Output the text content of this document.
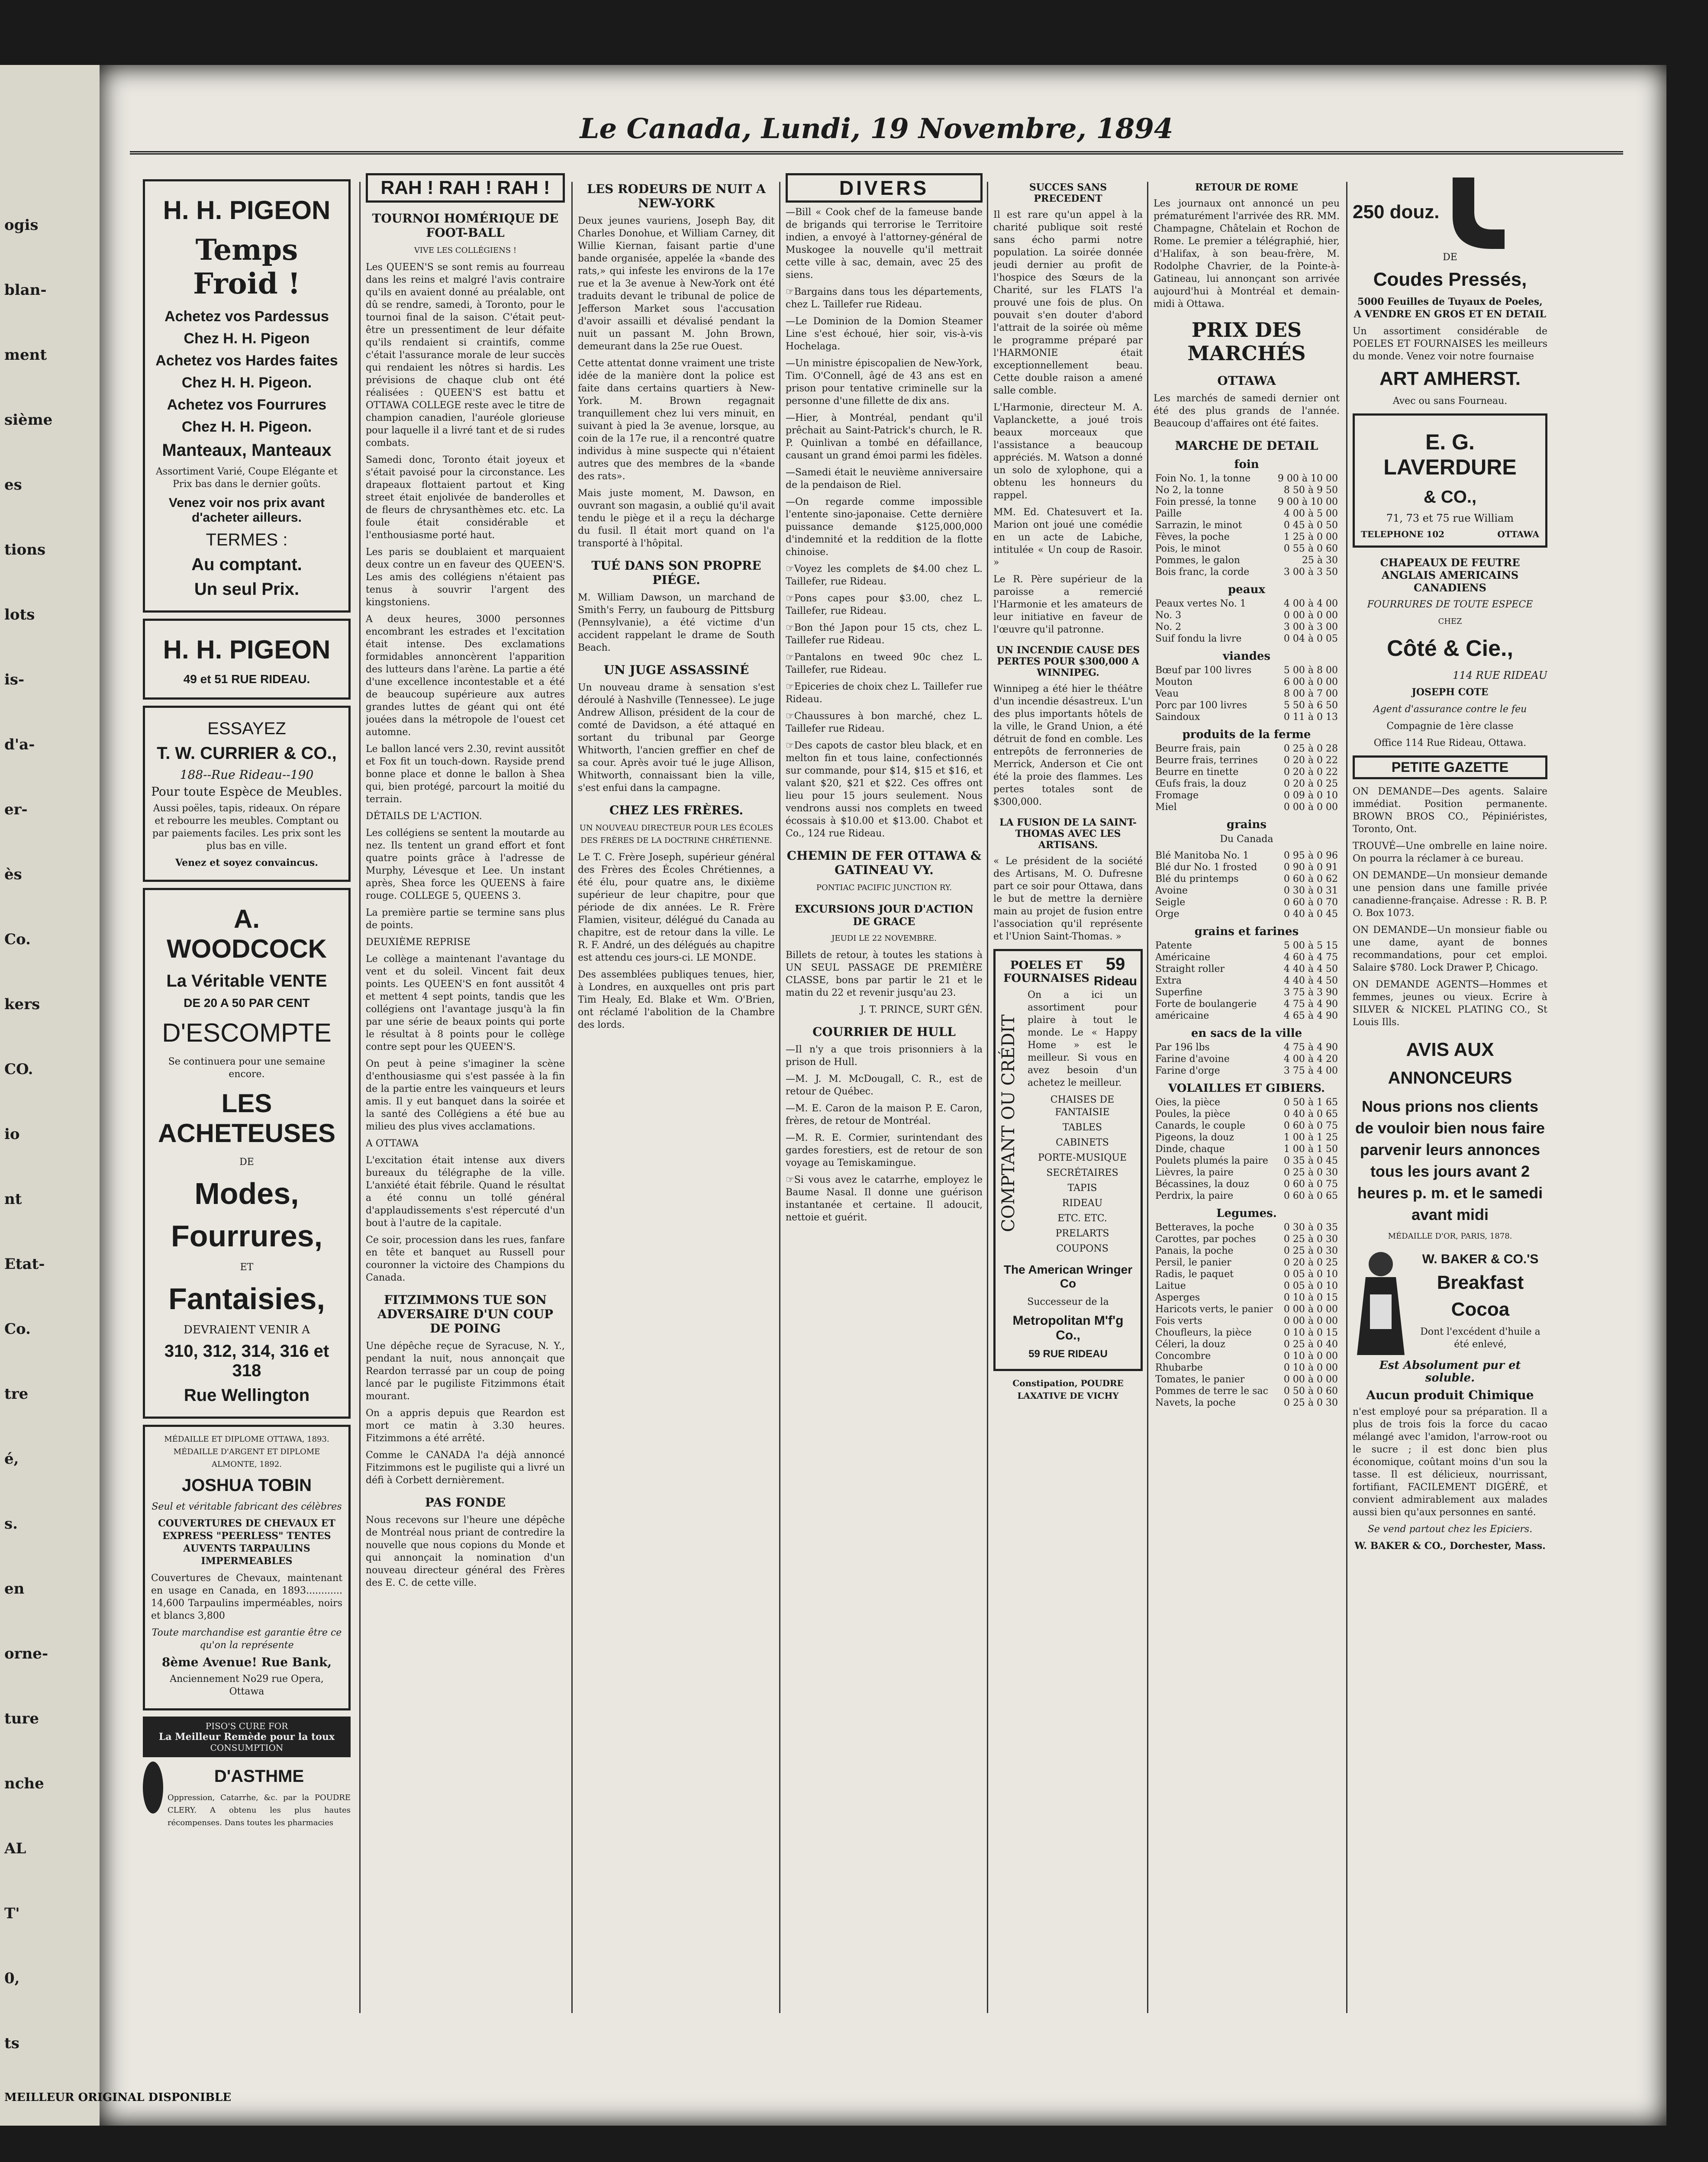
ogis
blan-
ment
sième
es
tions
lots
is-
d'a-
er-
ès
Co.
kers
CO.
io
nt
Etat-
Co.
tre
é,
s.
en
orne-
ture
nche
AL
T'
0,
ts
Le Canada, Lundi, 19 Novembre, 1894
H. H. PIGEON
Temps Froid !
Achetez vos Pardessus
Chez H. H. Pigeon
Achetez vos Hardes faites
Chez H. H. Pigeon.
Achetez vos Fourrures
Chez H. H. Pigeon.
Manteaux, Manteaux
Assortiment Varié, Coupe Elégante et Prix bas dans le dernier goûts.
Venez voir nos prix avant d'acheter ailleurs.
TERMES :
Au comptant.
Un seul Prix.
H. H. PIGEON
49 et 51 RUE RIDEAU.
ESSAYEZ
T. W. CURRIER & CO.,
188--Rue Rideau--190
Pour toute Espèce de Meubles.
Aussi poëles, tapis, rideaux. On répare et rebourre les meubles. Comptant ou par paiements faciles. Les prix sont les plus bas en ville.
Venez et soyez convaincus.
A. WOODCOCK
La Véritable VENTE
DE 20 A 50 PAR CENT
D'ESCOMPTE
Se continuera pour une semaine encore.
LES ACHETEUSES
DE
Modes,
Fourrures,
ET
Fantaisies,
DEVRAIENT VENIR A
310, 312, 314, 316 et 318
Rue Wellington
MÉDAILLE ET DIPLOME OTTAWA, 1893. MÉDAILLE D'ARGENT ET DIPLOME ALMONTE, 1892.
JOSHUA TOBIN
Seul et véritable fabricant des célèbres
COUVERTURES DE CHEVAUX ET EXPRESS "PEERLESS" TENTES AUVENTS TARPAULINS IMPERMEABLES
Couvertures de Chevaux, maintenant en usage en Canada, en 1893............ 14,600 Tarpaulins imperméables, noirs et blancs 3,800
Toute marchandise est garantie être ce qu'on la représente
8ème Avenue! Rue Bank,
Anciennement No29 rue Opera, Ottawa
PISO'S CURE FOR
La Meilleur Remède pour la toux
CONSUMPTION
D'ASTHME
Oppression, Catarrhe, &c. par la POUDRE CLERY. A obtenu les plus hautes récompenses. Dans toutes les pharmacies
RAH ! RAH ! RAH !
TOURNOI HOMÉRIQUE DE FOOT-BALL
VIVE LES COLLÉGIENS !

Les QUEEN'S se sont remis au fourreau dans les reins et malgré l'avis contraire qu'ils en avaient donné au préalable, ont dû se rendre, samedi, à Toronto, pour le tournoi final de la saison. C'était peut-être un pressentiment de leur défaite qu'ils rendaient si craintifs, comme c'était l'assurance morale de leur succès qui rendaient les nôtres si hardis. Les prévisions de chaque club ont été réalisées : QUEEN'S est battu et OTTAWA COLLEGE reste avec le titre de champion canadien, l'auréole glorieuse pour laquelle il a livré tant et de si rudes combats.

Samedi donc, Toronto était joyeux et s'était pavoisé pour la circonstance. Les drapeaux flottaient partout et King street était enjolivée de banderolles et de fleurs de chrysanthèmes etc. etc. La foule était considérable et l'enthousiasme porté haut.

Les paris se doublaient et marquaient deux contre un en faveur des QUEEN'S. Les amis des collégiens n'étaient pas tenus à souvrir l'argent des kingstoniens.

A deux heures, 3000 personnes encombrant les estrades et l'excitation était intense. Des exclamations formidables annoncèrent l'apparition des lutteurs dans l'arène. La partie a été d'une excellence incontestable et a été de beaucoup supérieure aux autres grandes luttes de géant qui ont été jouées dans la métropole de l'ouest cet automne.

Le ballon lancé vers 2.30, revint aussitôt et Fox fit un touch-down. Rayside prend bonne place et donne le ballon à Shea qui, bien protégé, parcourt la moitié du terrain.

DÉTAILS DE L'ACTION.

Les collégiens se sentent la moutarde au nez. Ils tentent un grand effort et font quatre points grâce à l'adresse de Murphy, Lévesque et Lee. Un instant après, Shea force les QUEENS à faire rouge. COLLEGE 5, QUEENS 3.

La première partie se termine sans plus de points.

DEUXIÈME REPRISE

Le collège a maintenant l'avantage du vent et du soleil. Vincent fait deux points. Les QUEEN'S en font aussitôt 4 et mettent 4 sept points, tandis que les collégiens ont l'avantage jusqu'à la fin par une série de beaux points qui porte le résultat à 8 points pour le collège contre sept pour les QUEEN'S.

On peut à peine s'imaginer la scène d'enthousiasme qui s'est passée à la fin de la partie entre les vainqueurs et leurs amis. Il y eut banquet dans la soirée et la santé des Collégiens a été bue au milieu des plus vives acclamations.

A OTTAWA

L'excitation était intense aux divers bureaux du télégraphe de la ville. L'anxiété était fébrile. Quand le résultat a été connu un tollé général d'applaudissements s'est répercuté d'un bout à l'autre de la capitale.

Ce soir, procession dans les rues, fanfare en tête et banquet au Russell pour couronner la victoire des Champions du Canada.

FITZIMMONS TUE SON ADVERSAIRE D'UN COUP DE POING

Une dépêche reçue de Syracuse, N. Y., pendant la nuit, nous annonçait que Reardon terrassé par un coup de poing lancé par le pugiliste Fitzimmons était mourant.

On a appris depuis que Reardon est mort ce matin à 3.30 heures. Fitzimmons a été arrêté.

Comme le CANADA l'a déjà annoncé Fitzimmons est le pugiliste qui a livré un défi à Corbett dernièrement.

PAS FONDE
Nous recevons sur l'heure une dépêche de Montréal nous priant de contredire la nouvelle que nous copions du Monde et qui annonçait la nomination d'un nouveau directeur général des Frères des E. C. de cette ville.
LES RODEURS DE NUIT A NEW-YORK

Deux jeunes vauriens, Joseph Bay, dit Charles Donohue, et William Carney, dit Willie Kiernan, faisant partie d'une bande organisée, appelée la «bande des rats,» qui infeste les environs de la 17e rue et la 3e avenue à New-York ont été traduits devant le tribunal de police de Jefferson Market sous l'accusation d'avoir assailli et dévalisé pendant la nuit un passant M. John Brown, demeurant dans la 25e rue Ouest.

Cette attentat donne vraiment une triste idée de la manière dont la police est faite dans certains quartiers à New-York. M. Brown regagnait tranquillement chez lui vers minuit, en suivant à pied la 3e avenue, lorsque, au coin de la 17e rue, il a rencontré quatre individus à mine suspecte qui n'étaient autres que des membres de la «bande des rats».

Mais juste moment, M. Dawson, en ouvrant son magasin, a oublié qu'il avait tendu le piège et il a reçu la décharge du fusil. Il était mort quand on l'a transporté à l'hôpital.

TUÉ DANS SON PROPRE PIÉGE.
M. William Dawson, un marchand de Smith's Ferry, un faubourg de Pittsburg (Pennsylvanie), a été victime d'un accident rappelant le drame de South Beach.
UN JUGE ASSASSINÉ
Un nouveau drame à sensation s'est déroulé à Nashville (Tennessee). Le juge Andrew Allison, président de la cour de comté de Davidson, a été attaqué en sortant du tribunal par George Whitworth, l'ancien greffier en chef de sa cour. Après avoir tué le juge Allison, Whitworth, connaissant bien la ville, s'est enfui dans la campagne.
CHEZ LES FRÈRES.
UN NOUVEAU DIRECTEUR POUR LES ÉCOLES DES FRÈRES DE LA DOCTRINE CHRÉTIENNE.
Le T. C. Frère Joseph, supérieur général des Frères des Écoles Chrétiennes, a été élu, pour quatre ans, le dixième supérieur de leur chapitre, pour que période de dix années. Le R. Frère Flamien, visiteur, délégué du Canada au chapitre, est de retour dans la ville. Le R. F. André, un des délégués au chapitre est attendu ces jours-ci. LE MONDE.
Des assemblées publiques tenues, hier, à Londres, en auxquelles ont pris part Tim Healy, Ed. Blake et Wm. O'Brien, ont réclamé l'abolition de la Chambre des lords.
DIVERS

—Bill « Cook chef de la fameuse bande de brigands qui terrorise le Territoire indien, a envoyé à l'attorney-général de Muskogee la nouvelle qu'il mettrait cette ville à sac, demain, avec 25 des siens.

☞Bargains dans tous les départements, chez L. Taillefer rue Rideau.

—Le Dominion de la Domion Steamer Line s'est échoué, hier soir, vis-à-vis Hochelaga.

—Un ministre épiscopalien de New-York, Tim. O'Connell, âgé de 43 ans est en prison pour tentative criminelle sur la personne d'une fillette de dix ans.

—Hier, à Montréal, pendant qu'il prêchait au Saint-Patrick's church, le R. P. Quinlivan a tombé en défaillance, causant un grand émoi parmi les fidèles.

—Samedi était le neuvième anniversaire de la pendaison de Riel.

—On regarde comme impossible l'entente sino-japonaise. Cette dernière puissance demande $125,000,000 d'indemnité et la reddition de la flotte chinoise.

☞Voyez les complets de $4.00 chez L. Taillefer, rue Rideau.

☞Pons capes pour $3.00, chez L. Taillefer, rue Rideau.

☞Bon thé Japon pour 15 cts, chez L. Taillefer rue Rideau.

☞Pantalons en tweed 90c chez L. Taillefer, rue Rideau.

☞Epiceries de choix chez L. Taillefer rue Rideau.

☞Chaussures à bon marché, chez L. Taillefer rue Rideau.

☞Des capots de castor bleu black, et en melton fin et tous laine, confectionnés sur commande, pour $14, $15 et $16, et valant $20, $21 et $22. Ces offres ont lieu pour 15 jours seulement. Nous vendrons aussi nos complets en tweed écossais à $10.00 et $13.00. Chabot et Co., 124 rue Rideau.

CHEMIN DE FER OTTAWA & GATINEAU VY.
PONTIAC PACIFIC JUNCTION RY.
EXCURSIONS JOUR D'ACTION DE GRACE
JEUDI LE 22 NOVEMBRE.
Billets de retour, à toutes les stations à UN SEUL PASSAGE DE PREMIÈRE CLASSE, bons par partir le 21 et le matin du 22 et revenir jusqu'au 23.
J. T. PRINCE, SURT GÉN.
COURRIER DE HULL

—Il n'y a que trois prisonniers à la prison de Hull.

—M. J. M. McDougall, C. R., est de retour de Québec.

—M. E. Caron de la maison P. E. Caron, frères, de retour de Montréal.

—M. R. E. Cormier, surintendant des gardes forestiers, est de retour de son voyage au Temiskamingue.

☞Si vous avez le catarrhe, employez le Baume Nasal. Il donne une guérison instantanée et certaine. Il adoucit, nettoie et guérit.

SUCCES SANS PRECEDENT

Il est rare qu'un appel à la charité publique soit resté sans écho parmi notre population. La soirée donnée jeudi dernier au profit de l'hospice des Sœurs de la Charité, sur les FLATS l'a prouvé une fois de plus. On pouvait s'en douter d'abord l'attrait de la soirée où même le programme préparé par l'HARMONIE était exceptionnellement beau. Cette double raison a amené salle comble.

L'Harmonie, directeur M. A. Vaplanckette, a joué trois beaux morceaux que l'assistance a beaucoup appréciés. M. Watson a donné un solo de xylophone, qui a obtenu les honneurs du rappel.

MM. Ed. Chatesuvert et Ia. Marion ont joué une comédie en un acte de Labiche, intitulée « Un coup de Rasoir. »

Le R. Père supérieur de la paroisse a remercié l'Harmonie et les amateurs de leur initiative en faveur de l'œuvre qu'il patronne.

UN INCENDIE CAUSE DES PERTES POUR $300,000 A WINNIPEG.
Winnipeg a été hier le théâtre d'un incendie désastreux. L'un des plus importants hôtels de la ville, le Grand Union, a été détruit de fond en comble. Les entrepôts de ferronneries de Merrick, Anderson et Cie ont été la proie des flammes. Les pertes totales sont de $300,000.
LA FUSION DE LA SAINT-THOMAS AVEC LES ARTISANS.
« Le président de la société des Artisans, M. O. Dufresne part ce soir pour Ottawa, dans le but de mettre la dernière main au projet de fusion entre l'association qu'il représente et l'Union Saint-Thomas. »
POELES ET FOURNAISES
59
Rideau
COMPTANT OU CRÉDIT
On a ici un assortiment pour plaire à tout le monde. Le « Happy Home » est le meilleur. Si vous en avez besoin d'un achetez le meilleur.
CHAISES DE FANTAISIE
TABLES
CABINETS
PORTE-MUSIQUE
SECRÉTAIRES
TAPIS
RIDEAU
ETC. ETC.
PRELARTS
COUPONS
The American Wringer Co
Successeur de la
Metropolitan M'f'g Co.,
59 RUE RIDEAU
Constipation, POUDRE LAXATIVE DE VICHY
RETOUR DE ROME
Les journaux ont annoncé un peu prématurément l'arrivée des RR. MM. Champagne, Châtelain et Rochon de Rome. Le premier a télégraphié, hier, d'Halifax, à son beau-frère, M. Rodolphe Chavrier, de la Pointe-à-Gatineau, lui annonçant son arrivée aujourd'hui à Montréal et demain-midi à Ottawa.
PRIX DES MARCHÉS
OTTAWA
Les marchés de samedi dernier ont été des plus grands de l'année. Beaucoup d'affaires ont été faites.
MARCHE DE DETAIL
foin
Foin No. 1, la tonne	9 00 à 10 00
No 2, la tonne	8 50 à 9 50
Foin pressé, la tonne	9 00 à 10 00
Paille	4 00 à 5 00
Sarrazin, le minot	0 45 à 0 50
Fèves, la poche	1 25 à 0 00
Pois, le minot	0 55 à 0 60
Pommes, le galon	25 à 30
Bois franc, la corde	3 00 à 3 50
peaux
Peaux vertes No. 1	4 00 à 4 00
No. 3	0 00 à 0 00
No. 2	3 00 à 3 00
Suif fondu la livre	0 04 à 0 05
viandes
Bœuf par 100 livres	5 00 à 8 00
Mouton	6 00 à 0 00
Veau	8 00 à 7 00
Porc par 100 livres	5 50 à 6 50
Saindoux	0 11 à 0 13
produits de la ferme
Beurre frais, pain	0 25 à 0 28
Beurre frais, terrines	0 20 à 0 22
Beurre en tinette	0 20 à 0 22
Œufs frais, la douz	0 20 à 0 25
Fromage	0 09 à 0 10
Miel	0 00 à 0 00
grains
Du Canada
Blé Manitoba No. 1	0 95 à 0 96
Blé dur No. 1 frosted	0 90 à 0 91
Blé du printemps	0 60 à 0 62
Avoine	0 30 à 0 31
Seigle	0 60 à 0 70
Orge	0 40 à 0 45
grains et farines
Patente	5 00 à 5 15
Américaine	4 60 à 4 75
Straight roller	4 40 à 4 50
Extra	4 40 à 4 50
Superfine	3 75 à 3 90
Forte de boulangerie	4 75 à 4 90
américaine	4 65 à 4 90
en sacs de la ville
Par 196 lbs	4 75 à 4 90
Farine d'avoine	4 00 à 4 20
Farine d'orge	3 75 à 4 00
VOLAILLES ET GIBIERS.
Oies, la pièce	0 50 à 1 65
Poules, la pièce	0 40 à 0 65
Canards, le couple	0 60 à 0 75
Pigeons, la douz	1 00 à 1 25
Dinde, chaque	1 00 à 1 50
Poulets plumés la paire	0 35 à 0 45
Lièvres, la paire	0 25 à 0 30
Bécassines, la douz	0 60 à 0 75
Perdrix, la paire	0 60 à 0 65
Legumes.
Betteraves, la poche	0 30 à 0 35
Carottes, par poches	0 25 à 0 30
Panais, la poche	0 25 à 0 30
Persil, le panier	0 20 à 0 25
Radis, le paquet	0 05 à 0 10
Laitue	0 05 à 0 10
Asperges	0 10 à 0 15
Haricots verts, le panier	0 00 à 0 00
Fois verts	0 00 à 0 00
Choufleurs, la pièce	0 10 à 0 15
Céleri, la douz	0 25 à 0 40
Concombre	0 10 à 0 00
Rhubarbe	0 10 à 0 00
Tomates, le panier	0 00 à 0 00
Pommes de terre le sac	0 50 à 0 60
Navets, la poche	0 25 à 0 30
250 douz.
DE
Coudes Pressés,
5000 Feuilles de Tuyaux de Poeles, A VENDRE EN GROS ET EN DETAIL
Un assortiment considérable de POELES ET FOURNAISES les meilleurs du monde. Venez voir notre fournaise
ART AMHERST.
Avec ou sans Fourneau.
E. G. LAVERDURE
& CO.,
71, 73 et 75 rue William
TELEPHONE 102	OTTAWA
CHAPEAUX DE FEUTRE ANGLAIS AMERICAINS CANADIENS
FOURRURES DE TOUTE ESPECE
CHEZ
Côté & Cie.,
114 RUE RIDEAU
JOSEPH COTE
Agent d'assurance contre le feu
Compagnie de 1ère classe
Office 114 Rue Rideau, Ottawa.
PETITE GAZETTE

ON DEMANDE—Des agents. Salaire immédiat. Position permanente. BROWN BROS CO., Pépiniéristes, Toronto, Ont.

TROUVÉ—Une ombrelle en laine noire. On pourra la réclamer à ce bureau.

ON DEMANDE—Un monsieur demande une pension dans une famille privée canadienne-française. Adresse : R. B. P. O. Box 1073.

ON DEMANDE—Un monsieur fiable ou une dame, ayant de bonnes recommandations, pour cet emploi. Salaire $780. Lock Drawer P, Chicago.

ON DEMANDE AGENTS—Hommes et femmes, jeunes ou vieux. Ecrire à SILVER & NICKEL PLATING CO., St Louis Ills.

AVIS AUX
ANNONCEURS
Nous prions nos clients de vouloir bien nous faire parvenir leurs annonces tous les jours avant 2 heures p. m. et le samedi avant midi
MÉDAILLE D'OR, PARIS, 1878.
W. BAKER & CO.'S
Breakfast
Cocoa
Dont l'excédent d'huile a été enlevé,
Est Absolument pur et soluble.
Aucun produit Chimique
n'est employé pour sa préparation. Il a plus de trois fois la force du cacao mélangé avec l'amidon, l'arrow-root ou le sucre ; il est donc bien plus économique, coûtant moins d'un sou la tasse. Il est délicieux, nourrissant, fortifiant, FACILEMENT DIGÉRÉ, et convient admirablement aux malades aussi bien qu'aux personnes en santé.
Se vend partout chez les Epiciers.
W. BAKER & CO., Dorchester, Mass.
MEILLEUR ORIGINAL DISPONIBLE
